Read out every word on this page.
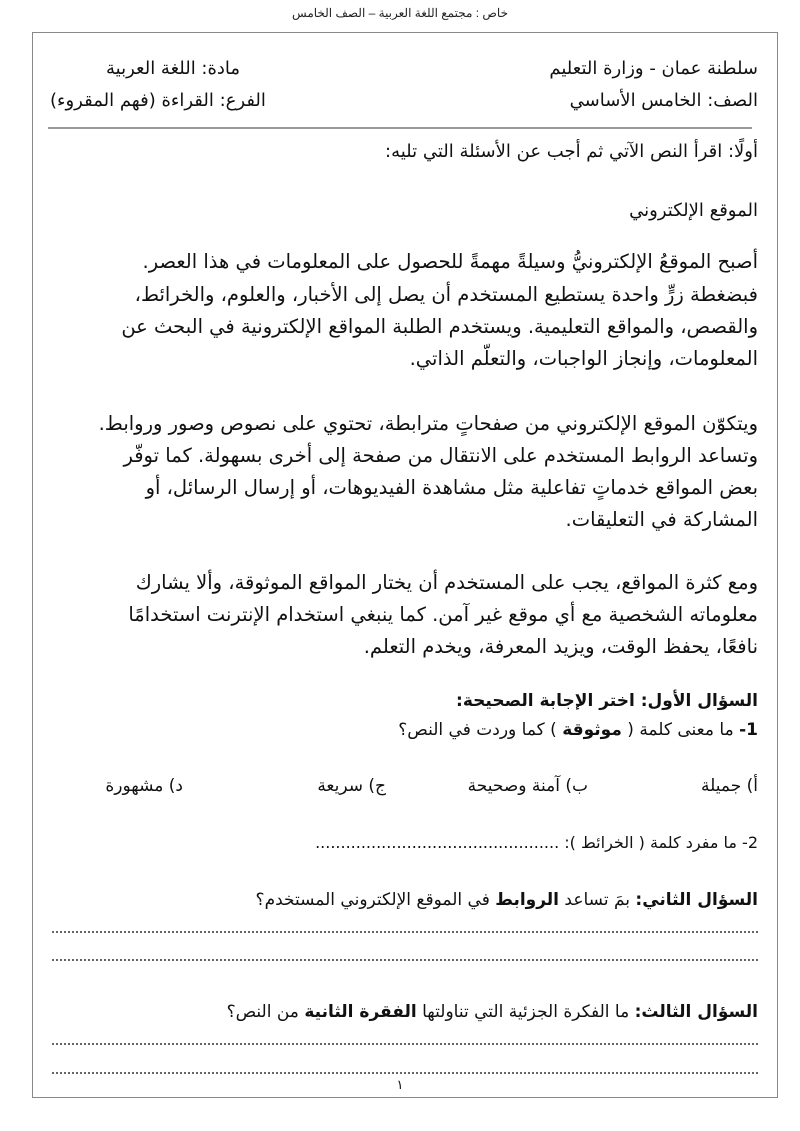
خاص : مجتمع اللغة العربية – الصف الخامس
سلطنة عمان - وزارة التعليم
الصف: الخامس الأساسي
مادة: اللغة العربية
الفرع: القراءة (فهم المقروء)
أولًا: اقرأ النص الآتي ثم أجب عن الأسئلة التي تليه:
الموقع الإلكتروني
أصبح الموقعُ الإلكترونيُّ وسيلةً مهمةً للحصول على المعلومات في هذا العصر.
فبضغطة زرٍّ واحدة يستطيع المستخدم أن يصل إلى الأخبار، والعلوم، والخرائط،
والقصص، والمواقع التعليمية. ويستخدم الطلبة المواقع الإلكترونية في البحث عن
المعلومات، وإنجاز الواجبات، والتعلّم الذاتي.
ويتكوّن الموقع الإلكتروني من صفحاتٍ مترابطة، تحتوي على نصوص وصور وروابط.
وتساعد الروابط المستخدم على الانتقال من صفحة إلى أخرى بسهولة. كما توفّر
بعض المواقع خدماتٍ تفاعلية مثل مشاهدة الفيديوهات، أو إرسال الرسائل، أو
المشاركة في التعليقات.
ومع كثرة المواقع، يجب على المستخدم أن يختار المواقع الموثوقة، وألا يشارك
معلوماته الشخصية مع أي موقع غير آمن. كما ينبغي استخدام الإنترنت استخدامًا
نافعًا، يحفظ الوقت، ويزيد المعرفة، ويخدم التعلم.
السؤال الأول: اختر الإجابة الصحيحة:
1- ما معنى كلمة ( موثوقة ) كما وردت في النص؟
أ) جميلة
ب) آمنة وصحيحة
ج) سريعة
د) مشهورة
2- ما مفرد كلمة ( الخرائط ): ................................................
السؤال الثاني: بمَ تساعد الروابط في الموقع الإلكتروني المستخدم؟
السؤال الثالث: ما الفكرة الجزئية التي تناولتها الفقرة الثانية من النص؟
١
